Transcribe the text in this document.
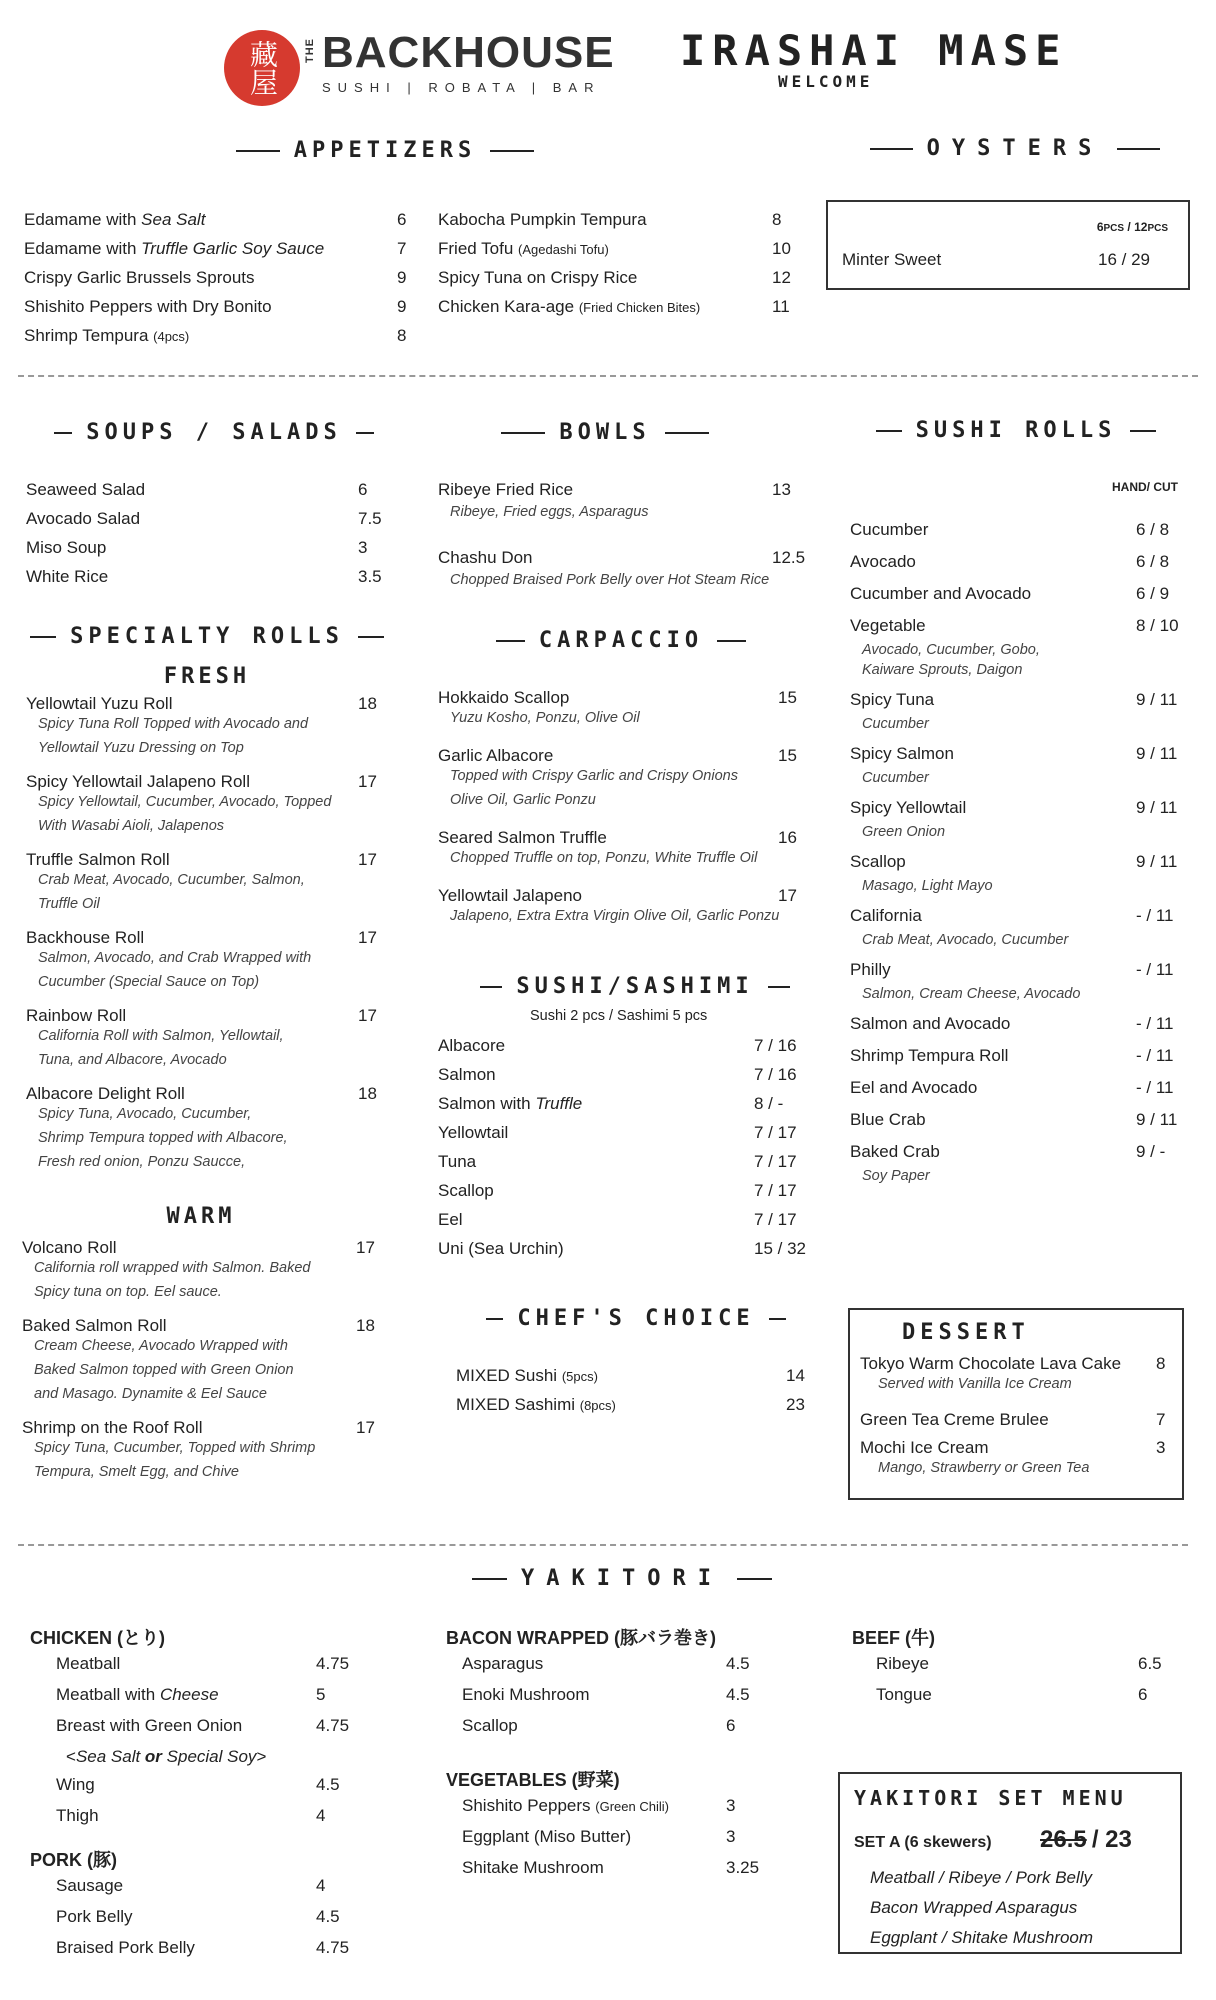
藏屋 THE BACKHOUSE
SUSHI | ROBATA | BAR
IRASHAI MASE
WELCOME
APPETIZERS
Edamame with Sea Salt	6
Edamame with Truffle Garlic Soy Sauce	7
Crispy Garlic Brussels Sprouts	9
Shishito Peppers with Dry Bonito	9
Shrimp Tempura (4pcs)	8
Kabocha Pumpkin Tempura	8
Fried Tofu (Agedashi Tofu)	10
Spicy Tuna on Crispy Rice	12
Chicken Kara-age (Fried Chicken Bites)	11
OYSTERS
6PCS / 12PCS
Minter Sweet	16 / 29
SOUPS / SALADS
Seaweed Salad	6
Avocado Salad	7.5
Miso Soup	3
White Rice	3.5
SPECIALTY ROLLS
FRESH
Yellowtail Yuzu Roll	18
Spicy Tuna Roll Topped with Avocado and
Yellowtail Yuzu Dressing on Top
Spicy Yellowtail Jalapeno Roll	17
Spicy Yellowtail, Cucumber, Avocado, Topped
With Wasabi Aioli, Jalapenos
Truffle Salmon Roll	17
Crab Meat, Avocado, Cucumber, Salmon,
Truffle Oil
Backhouse Roll	17
Salmon, Avocado, and Crab Wrapped with
Cucumber (Special Sauce on Top)
Rainbow Roll	17
California Roll with Salmon, Yellowtail,
Tuna, and Albacore, Avocado
Albacore Delight Roll	18
Spicy Tuna, Avocado, Cucumber,
Shrimp Tempura topped with Albacore,
Fresh red onion, Ponzu Saucce,
WARM
Volcano Roll	17
California roll wrapped with Salmon. Baked
Spicy tuna on top. Eel sauce.
Baked Salmon Roll	18
Cream Cheese, Avocado Wrapped with
Baked Salmon topped with Green Onion
and Masago. Dynamite & Eel Sauce
Shrimp on the Roof Roll	17
Spicy Tuna, Cucumber, Topped with Shrimp
Tempura, Smelt Egg, and Chive
BOWLS
Ribeye Fried Rice	13
Ribeye, Fried eggs, Asparagus
Chashu Don	12.5
Chopped Braised Pork Belly over Hot Steam Rice
CARPACCIO
Hokkaido Scallop	15
Yuzu Kosho, Ponzu, Olive Oil
Garlic Albacore	15
Topped with Crispy Garlic and Crispy Onions
Olive Oil, Garlic Ponzu
Seared Salmon Truffle	16
Chopped Truffle on top, Ponzu, White Truffle Oil
Yellowtail Jalapeno	17
Jalapeno, Extra Extra Virgin Olive Oil, Garlic Ponzu
SUSHI/SASHIMI
Sushi 2 pcs / Sashimi 5 pcs
Albacore	7 / 16
Salmon	7 / 16
Salmon with Truffle	8 / -
Yellowtail	7 / 17
Tuna	7 / 17
Scallop	7 / 17
Eel	7 / 17
Uni (Sea Urchin)	15 / 32
CHEF'S CHOICE
MIXED Sushi (5pcs)	14
MIXED Sashimi (8pcs)	23
SUSHI ROLLS
HAND/ CUT
Cucumber	6 / 8
Avocado	6 / 8
Cucumber and Avocado	6 / 9
Vegetable	8 / 10
Avocado, Cucumber, Gobo,
Kaiware Sprouts, Daigon
Spicy Tuna	9 / 11
Cucumber
Spicy Salmon	9 / 11
Cucumber
Spicy Yellowtail	9 / 11
Green Onion
Scallop	9 / 11
Masago, Light Mayo
California	- / 11
Crab Meat, Avocado, Cucumber
Philly	- / 11
Salmon, Cream Cheese, Avocado
Salmon and Avocado	- / 11
Shrimp Tempura Roll	- / 11
Eel and Avocado	- / 11
Blue Crab	9 / 11
Baked Crab	9 / -
Soy Paper
DESSERT
Tokyo Warm Chocolate Lava Cake 8
Served with Vanilla Ice Cream
Green Tea Creme Brulee	7
Mochi Ice Cream	3
Mango, Strawberry or Green Tea
YAKITORI
CHICKEN (とり)
Meatball	4.75
Meatball with Cheese	5
Breast with Green Onion	4.75
Wing	4.5
Thigh	4
<Sea Salt or Special Soy>
PORK (豚)
Sausage	4
Pork Belly	4.5
Braised Pork Belly	4.75
BACON WRAPPED (豚バラ巻き)
Asparagus	4.5
Enoki Mushroom	4.5
Scallop	6
VEGETABLES (野菜)
Shishito Peppers (Green Chili)	3
Eggplant (Miso Butter)	3
Shitake Mushroom	3.25
BEEF (牛)
Ribeye	6.5
Tongue	6
YAKITORI SET MENU
SET A (6 skewers) 26.5 / 23
Meatball / Ribeye / Pork Belly
Bacon Wrapped Asparagus
Eggplant / Shitake Mushroom
